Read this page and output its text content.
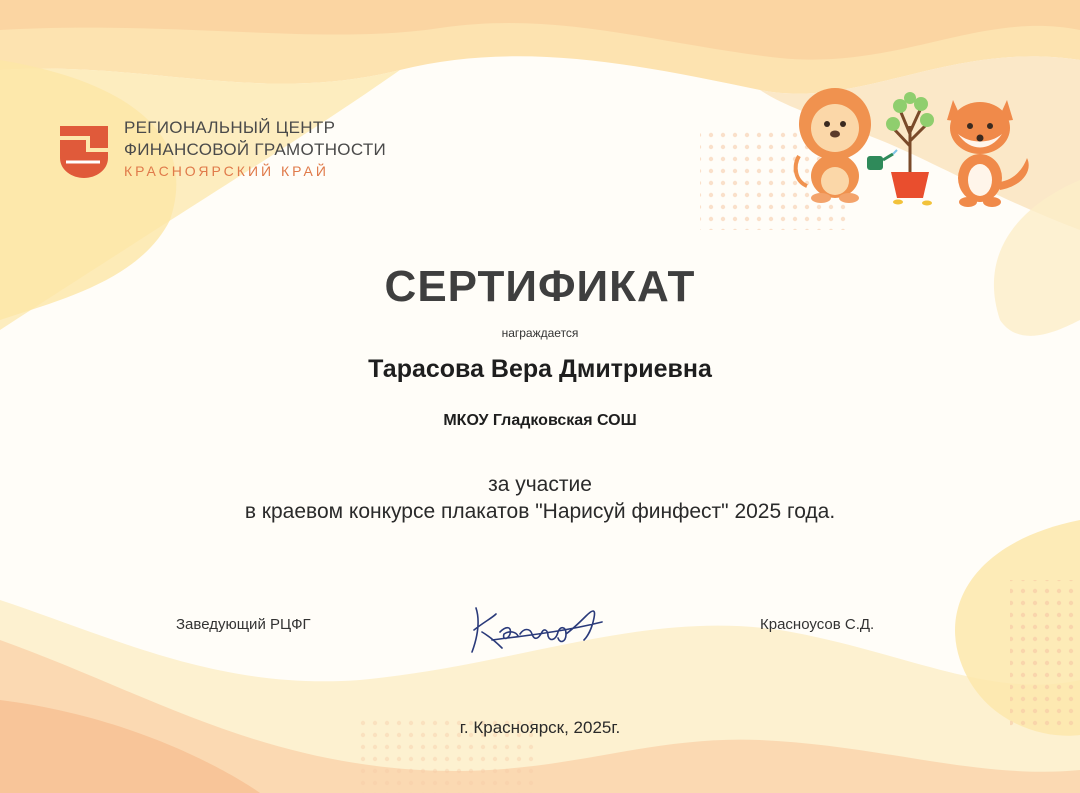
РЕГИОНАЛЬНЫЙ ЦЕНТР
ФИНАНСОВОЙ ГРАМОТНОСТИ
КРАСНОЯРСКИЙ КРАЙ
СЕРТИФИКАТ
награждается
Тарасова Вера Дмитриевна
МКОУ Гладковская СОШ
за участие
в краевом конкурсе плакатов "Нарисуй финфест" 2025 года.
Заведующий РЦФГ	Красноусов С.Д.
г. Красноярск, 2025г.
